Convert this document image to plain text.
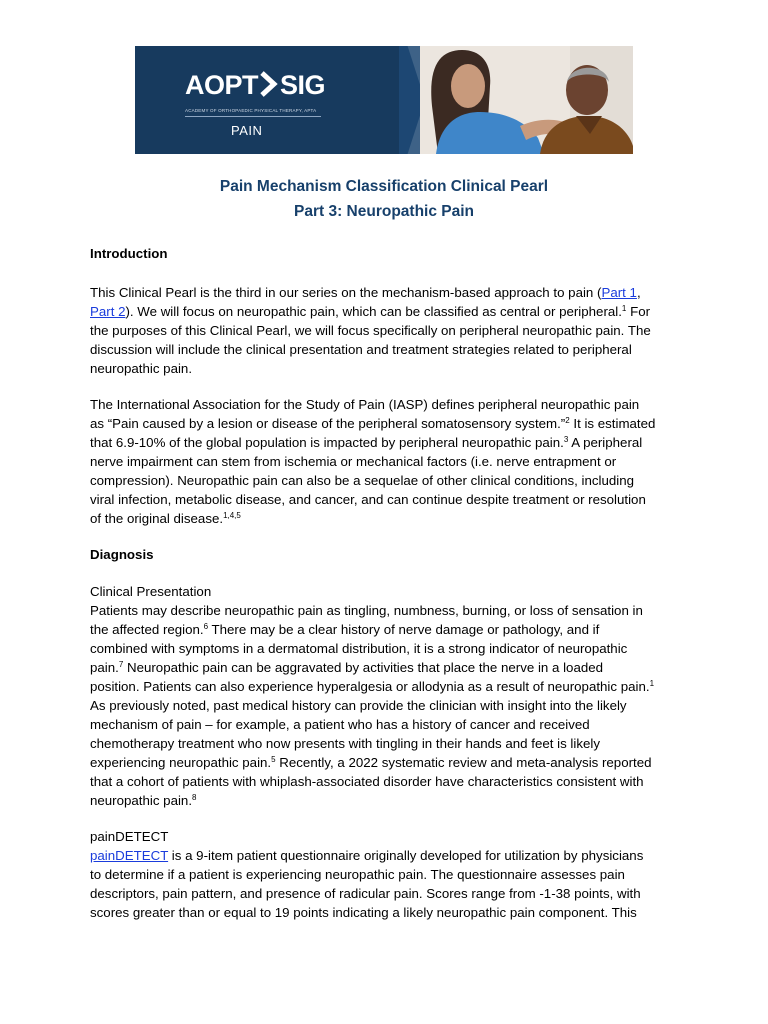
AOPT SIG
ACADEMY OF ORTHOPAEDIC PHYSICAL THERAPY, APTA
PAIN
Pain Mechanism Classification Clinical Pearl
Part 3: Neuropathic Pain
Introduction
This Clinical Pearl is the third in our series on the mechanism-based approach to pain (Part 1,
Part 2). We will focus on neuropathic pain, which can be classified as central or peripheral.$^1$ For
the purposes of this Clinical Pearl, we will focus specifically on peripheral neuropathic pain. The
discussion will include the clinical presentation and treatment strategies related to peripheral
neuropathic pain.
The International Association for the Study of Pain (IASP) defines peripheral neuropathic pain
as “Pain caused by a lesion or disease of the peripheral somatosensory system.”$^2$ It is estimated
that 6.9-10% of the global population is impacted by peripheral neuropathic pain.$^3$ A peripheral
nerve impairment can stem from ischemia or mechanical factors (i.e. nerve entrapment or
compression). Neuropathic pain can also be a sequelae of other clinical conditions, including
viral infection, metabolic disease, and cancer, and can continue despite treatment or resolution
of the original disease.$^{1,4,5}$
Diagnosis
Clinical Presentation
Patients may describe neuropathic pain as tingling, numbness, burning, or loss of sensation in
the affected region.$^6$ There may be a clear history of nerve damage or pathology, and if
combined with symptoms in a dermatomal distribution, it is a strong indicator of neuropathic
pain.$^7$ Neuropathic pain can be aggravated by activities that place the nerve in a loaded
position. Patients can also experience hyperalgesia or allodynia as a result of neuropathic pain.$^1$
As previously noted, past medical history can provide the clinician with insight into the likely
mechanism of pain – for example, a patient who has a history of cancer and received
chemotherapy treatment who now presents with tingling in their hands and feet is likely
experiencing neuropathic pain.$^5$ Recently, a 2022 systematic review and meta-analysis reported
that a cohort of patients with whiplash-associated disorder have characteristics consistent with
neuropathic pain.$^8$
painDETECT
painDETECT is a 9-item patient questionnaire originally developed for utilization by physicians
to determine if a patient is experiencing neuropathic pain. The questionnaire assesses pain
descriptors, pain pattern, and presence of radicular pain. Scores range from -1-38 points, with
scores greater than or equal to 19 points indicating a likely neuropathic pain component. This
